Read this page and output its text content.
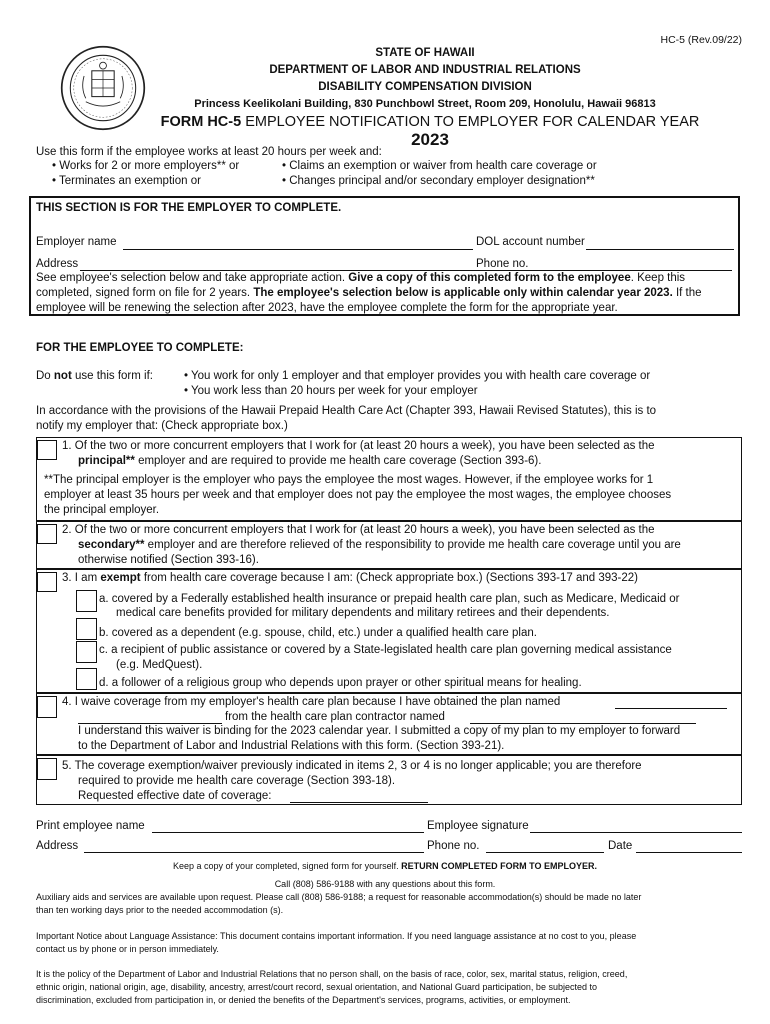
HC-5 (Rev.09/22)
STATE OF HAWAII
DEPARTMENT OF LABOR AND INDUSTRIAL RELATIONS
DISABILITY COMPENSATION DIVISION
Princess Keelikolani Building, 830 Punchbowl Street, Room 209, Honolulu, Hawaii 96813
FORM HC-5 EMPLOYEE NOTIFICATION TO EMPLOYER FOR CALENDAR YEAR 2023
Use this form if the employee works at least 20 hours per week and:
• Works for 2 or more employers** or	• Claims an exemption or waiver from health care coverage or
• Terminates an exemption or	• Changes principal and/or secondary employer designation**
THIS SECTION IS FOR THE EMPLOYER TO COMPLETE.
Employer name	DOL account number
Address	Phone no.
See employee's selection below and take appropriate action. Give a copy of this completed form to the employee. Keep this
completed, signed form on file for 2 years. The employee's selection below is applicable only within calendar year 2023. If the
employee will be renewing the selection after 2023, have the employee complete the form for the appropriate year.
FOR THE EMPLOYEE TO COMPLETE:
Do not use this form if:	• You work for only 1 employer and that employer provides you with health care coverage or
• You work less than 20 hours per week for your employer
In accordance with the provisions of the Hawaii Prepaid Health Care Act (Chapter 393, Hawaii Revised Statutes), this is to
notify my employer that: (Check appropriate box.)
1. Of the two or more concurrent employers that I work for (at least 20 hours a week), you have been selected as the
principal** employer and are required to provide me health care coverage (Section 393-6).
**The principal employer is the employer who pays the employee the most wages. However, if the employee works for 1
employer at least 35 hours per week and that employer does not pay the employee the most wages, the employee chooses
the principal employer.
2. Of the two or more concurrent employers that I work for (at least 20 hours a week), you have been selected as the
secondary** employer and are therefore relieved of the responsibility to provide me health care coverage until you are
otherwise notified (Section 393-16).
3. I am exempt from health care coverage because I am: (Check appropriate box.) (Sections 393-17 and 393-22)
a. covered by a Federally established health insurance or prepaid health care plan, such as Medicare, Medicaid or
medical care benefits provided for military dependents and military retirees and their dependents.
b. covered as a dependent (e.g. spouse, child, etc.) under a qualified health care plan.
c. a recipient of public assistance or covered by a State-legislated health care plan governing medical assistance
(e.g. MedQuest).
d. a follower of a religious group who depends upon prayer or other spiritual means for healing.
4. I waive coverage from my employer's health care plan because I have obtained the plan named
from the health care plan contractor named
I understand this waiver is binding for the 2023 calendar year. I submitted a copy of my plan to my employer to forward
to the Department of Labor and Industrial Relations with this form. (Section 393-21).
5. The coverage exemption/waiver previously indicated in items 2, 3 or 4 is no longer applicable; you are therefore
required to provide me health care coverage (Section 393-18).
Requested effective date of coverage:
Print employee name	Employee signature
Address	Phone no.	Date
Keep a copy of your completed, signed form for yourself. RETURN COMPLETED FORM TO EMPLOYER.
Call (808) 586-9188 with any questions about this form.
Auxiliary aids and services are available upon request. Please call (808) 586-9188; a request for reasonable accommodation(s) should be made no later
than ten working days prior to the needed accommodation (s).
Important Notice about Language Assistance: This document contains important information. If you need language assistance at no cost to you, please
contact us by phone or in person immediately.
It is the policy of the Department of Labor and Industrial Relations that no person shall, on the basis of race, color, sex, marital status, religion, creed,
ethnic origin, national origin, age, disability, ancestry, arrest/court record, sexual orientation, and National Guard participation, be subjected to
discrimination, excluded from participation in, or denied the benefits of the Department's services, programs, activities, or employment.
